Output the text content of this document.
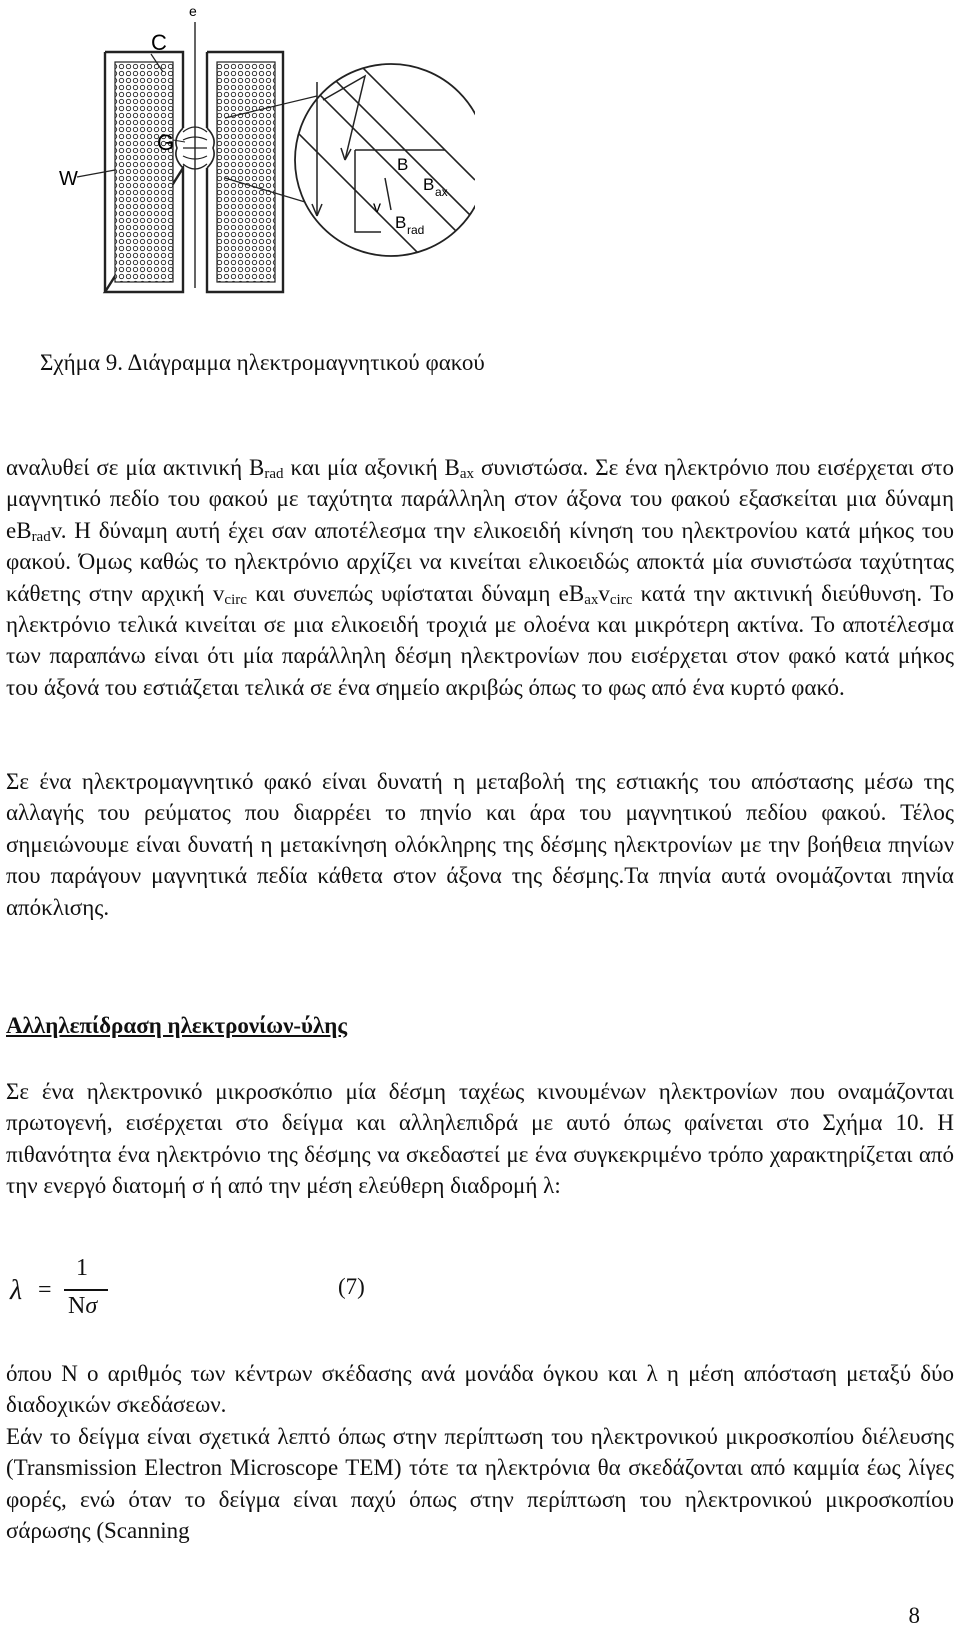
e
C
G
W
B
B ax
B rad
v
Σχήμα 9. Διάγραμμα ηλεκτρομαγνητικού φακού

αναλυθεί σε μία ακτινική $B_{rad}$ και μία αξονική $B_{ax}$ συνιστώσα. Σε ένα ηλεκτρόνιο που εισέρχεται στο μαγνητικό πεδίο του φακού με ταχύτητα παράλληλη στον άξονα του φακού εξασκείται μια δύναμη $eB_{rad}v$. Η δύναμη αυτή έχει σαν αποτέλεσμα την ελικοειδή κίνηση του ηλεκτρονίου κατά μήκος του φακού. Όμως καθώς το ηλεκτρόνιο αρχίζει να κινείται ελικοειδώς αποκτά μία συνιστώσα ταχύτητας κάθετης στην αρχική $v_{circ}$ και συνεπώς υφίσταται δύναμη $eB_{ax}v_{circ}$ κατά την ακτινική διεύθυνση. Το ηλεκτρόνιο τελικά κινείται σε μια ελικοειδή τροχιά με ολοένα και μικρότερη ακτίνα. Το αποτέλεσμα των παραπάνω είναι ότι μία παράλληλη δέσμη ηλεκτρονίων που εισέρχεται στον φακό κατά μήκος του άξονά του εστιάζεται τελικά σε ένα σημείο ακριβώς όπως το φως από ένα κυρτό φακό.

Σε ένα ηλεκτρομαγνητικό φακό είναι δυνατή η μεταβολή της εστιακής του απόστασης μέσω της αλλαγής του ρεύματος που διαρρέει το πηνίο και άρα του μαγνητικού πεδίου φακού. Τέλος σημειώνουμε είναι δυνατή η μετακίνηση ολόκληρης της δέσμης ηλεκτρονίων με την βοήθεια πηνίων που παράγουν μαγνητικά πεδία κάθετα στον άξονα της δέσμης.Τα πηνία αυτά ονομάζονται πηνία απόκλισης.

Αλληλεπίδραση ηλεκτρονίων-ύλης

Σε ένα ηλεκτρονικό μικροσκόπιο μία δέσμη ταχέως κινουμένων ηλεκτρονίων που οναμάζονται πρωτογενή, εισέρχεται στο δείγμα και αλληλεπιδρά με αυτό όπως φαίνεται στο Σχήμα 10. Η πιθανότητα ένα ηλεκτρόνιο της δέσμης να σκεδαστεί με ένα συγκεκριμένο τρόπο χαρακτηρίζεται από την ενεργό διατομή σ ή από την μέση ελεύθερη διαδρομή λ:

λ =
1
Nσ
(7)

όπου N ο αριθμός των κέντρων σκέδασης ανά μονάδα όγκου και λ η μέση απόσταση μεταξύ δύο διαδοχικών σκεδάσεων.

Εάν το δείγμα είναι σχετικά λεπτό όπως στην περίπτωση του ηλεκτρονικού μικροσκοπίου διέλευσης (Transmission Electron Microscope TEM) τότε τα ηλεκτρόνια θα σκεδάζονται από καμμία έως λίγες φορές, ενώ όταν το δείγμα είναι παχύ όπως στην περίπτωση του ηλεκτρονικού μικροσκοπίου σάρωσης (Scanning

8
